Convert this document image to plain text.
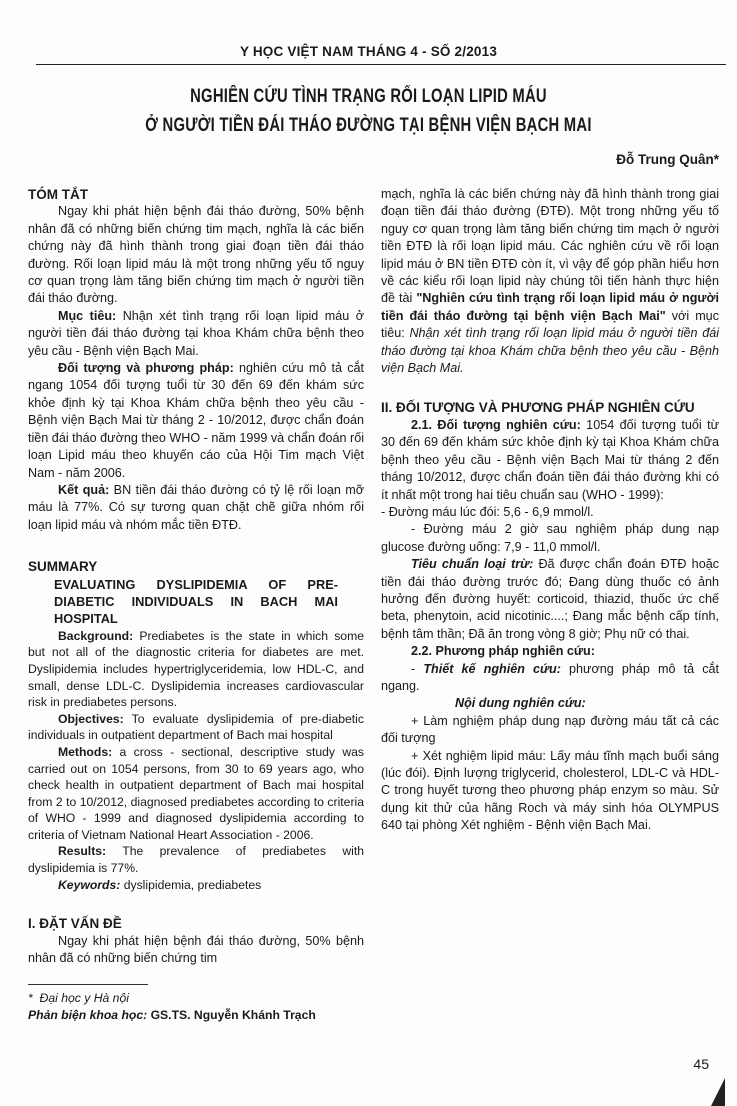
Y HỌC VIỆT NAM THÁNG 4 - SỐ 2/2013
NGHIÊN CỨU TÌNH TRẠNG RỐI LOẠN LIPID MÁU
Ở NGƯỜI TIỀN ĐÁI THÁO ĐƯỜNG TẠI BỆNH VIỆN BẠCH MAI
Đỗ Trung Quân*

TÓM TẮT

Ngay khi phát hiện bệnh đái tháo đường, 50% bệnh nhân đã có những biến chứng tim mạch, nghĩa là các biến chứng này đã hình thành trong giai đoạn tiền đái tháo đường. Rối loạn lipid máu là một trong những yếu tố nguy cơ quan trọng làm tăng biến chứng tim mạch ở người tiền đái tháo đường.

Mục tiêu: Nhận xét tình trạng rối loạn lipid máu ở người tiền đái tháo đường tại khoa Khám chữa bệnh theo yêu cầu - Bệnh viện Bạch Mai.

Đối tượng và phương pháp: nghiên cứu mô tả cắt ngang 1054 đối tượng tuổi từ 30 đến 69 đến khám sức khỏe định kỳ tại Khoa Khám chữa bệnh theo yêu cầu - Bệnh viện Bạch Mai từ tháng 2 - 10/2012, được chẩn đoán tiền đái tháo đường theo WHO - năm 1999 và chẩn đoán rối loạn Lipid máu theo khuyến cáo của Hội Tim mạch Việt Nam - năm 2006.

Kết quả: BN tiền đái tháo đường có tỷ lệ rối loạn mỡ máu là 77%. Có sự tương quan chặt chẽ giữa nhóm rối loạn lipid máu và nhóm mắc tiền ĐTĐ.

SUMMARY

EVALUATING DYSLIPIDEMIA OF PRE-DIABETIC INDIVIDUALS IN BACH MAI HOSPITAL

Background: Prediabetes is the state in which some but not all of the diagnostic criteria for diabetes are met. Dyslipidemia includes hypertriglyceridemia, low HDL-C, and small, dense LDL-C. Dyslipidemia increases cardiovascular risk in prediabetes persons.

Objectives: To evaluate dyslipidemia of pre-diabetic individuals in outpatient department of Bach mai hospital

Methods: a cross - sectional, descriptive study was carried out on 1054 persons, from 30 to 69 years ago, who check health in outpatient department of Bach mai hospital from 2 to 10/2012, diagnosed prediabetes according to criteria of WHO - 1999 and diagnosed dyslipidemia according to criteria of Vietnam National Heart Association - 2006.

Results: The prevalence of prediabetes with dyslipidemia is 77%.

Keywords: dyslipidemia, prediabetes

I. ĐẶT VẤN ĐỀ

Ngay khi phát hiện bệnh đái tháo đường, 50% bệnh nhân đã có những biến chứng tim

mạch, nghĩa là các biến chứng này đã hình thành trong giai đoạn tiền đái tháo đường (ĐTĐ). Một trong những yếu tố nguy cơ quan trọng làm tăng biến chứng tim mạch ở người tiền ĐTĐ là rối loạn lipid máu. Các nghiên cứu về rối loạn lipid máu ở BN tiền ĐTĐ còn ít, vì vậy để góp phần hiểu hơn về các kiểu rối loạn lipid này chúng tôi tiến hành thực hiện đề tài "Nghiên cứu tình trạng rối loạn lipid máu ở người tiền đái tháo đường tại bệnh viện Bạch Mai" với mục tiêu: Nhận xét tình trạng rối loạn lipid máu ở người tiền đái tháo đường tại khoa Khám chữa bệnh theo yêu cầu - Bệnh viện Bạch Mai.

II. ĐỐI TƯỢNG VÀ PHƯƠNG PHÁP NGHIÊN CỨU

2.1. Đối tượng nghiên cứu: 1054 đối tượng tuổi từ 30 đến 69 đến khám sức khỏe định kỳ tại Khoa Khám chữa bệnh theo yêu cầu - Bệnh viện Bạch Mai từ tháng 2 đến tháng 10/2012, được chẩn đoán tiền đái tháo đường khi có ít nhất một trong hai tiêu chuẩn sau (WHO - 1999):

- Đường máu lúc đói: 5,6 - 6,9 mmol/l.

- Đường máu 2 giờ sau nghiệm pháp dung nạp glucose đường uống: 7,9 - 11,0 mmol/l.

Tiêu chuẩn loại trừ: Đã được chẩn đoán ĐTĐ hoặc tiền đái tháo đường trước đó; Đang dùng thuốc có ảnh hưởng đến đường huyết: corticoid, thiazid, thuốc ức chế beta, phenytoin, acid nicotinic....; Đang mắc bệnh cấp tính, bệnh tâm thần; Đã ăn trong vòng 8 giờ; Phụ nữ có thai.

2.2. Phương pháp nghiên cứu:

- Thiết kế nghiên cứu: phương pháp mô tả cắt ngang.

Nội dung nghiên cứu:

+ Làm nghiệm pháp dung nạp đường máu tất cả các đối tượng

+ Xét nghiệm lipid máu: Lấy máu tĩnh mạch buổi sáng (lúc đói). Định lượng triglycerid, cholesterol, LDL-C và HDL-C trong huyết tương theo phương pháp enzym so màu. Sử dụng kit thử của hãng Roch và máy sinh hóa OLYMPUS 640 tại phòng Xét nghiệm - Bệnh viện Bạch Mai.

*  Đại học y Hà nội
Phản biện khoa học: GS.TS. Nguyễn Khánh Trạch
45
